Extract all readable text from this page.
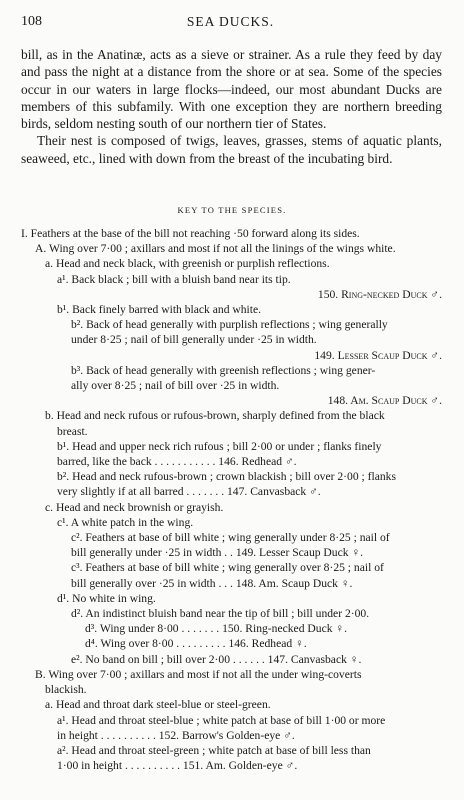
108	SEA DUCKS.

bill, as in the Anatinæ, acts as a sieve or strainer. As a rule they feed by day and pass the night at a distance from the shore or at sea. Some of the species occur in our waters in large flocks—indeed, our most abundant Ducks are members of this subfamily. With one exception they are northern breeding birds, seldom nesting south of our northern tier of States.

Their nest is composed of twigs, leaves, grasses, stems of aquatic plants, seaweed, etc., lined with down from the breast of the incubating bird.

KEY TO THE SPECIES.
I. Feathers at the base of the bill not reaching ·50 forward along its sides.
A. Wing over 7·00 ; axillars and most if not all the linings of the wings white.
a. Head and neck black, with greenish or purplish reflections.
a¹. Back black ; bill with a bluish band near its tip.
150. Ring-necked Duck ♂.
b¹. Back finely barred with black and white.
b². Back of head generally with purplish reflections ; wing generally
under 8·25 ; nail of bill generally under ·25 in width.
149. Lesser Scaup Duck ♂.
b³. Back of head generally with greenish reflections ; wing gener-
ally over 8·25 ; nail of bill over ·25 in width.
148. Am. Scaup Duck ♂.
b. Head and neck rufous or rufous-brown, sharply defined from the black
breast.
b¹. Head and upper neck rich rufous ; bill 2·00 or under ; flanks finely
barred, like the back . . . . . . . . . . . 146. Redhead ♂.
b². Head and neck rufous-brown ; crown blackish ; bill over 2·00 ; flanks
very slightly if at all barred . . . . . . . 147. Canvasback ♂.
c. Head and neck brownish or grayish.
c¹. A white patch in the wing.
c². Feathers at base of bill white ; wing generally under 8·25 ; nail of
bill generally under ·25 in width . . 149. Lesser Scaup Duck ♀.
c³. Feathers at base of bill white ; wing generally over 8·25 ; nail of
bill generally over ·25 in width . . . 148. Am. Scaup Duck ♀.
d¹. No white in wing.
d². An indistinct bluish band near the tip of bill ; bill under 2·00.
d³. Wing under 8·00 . . . . . . . 150. Ring-necked Duck ♀.
d⁴. Wing over 8·00 . . . . . . . . . 146. Redhead ♀.
e². No band on bill ; bill over 2·00 . . . . . . 147. Canvasback ♀.
B. Wing over 7·00 ; axillars and most if not all the under wing-coverts
blackish.
a. Head and throat dark steel-blue or steel-green.
a¹. Head and throat steel-blue ; white patch at base of bill 1·00 or more
in height . . . . . . . . . . 152. Barrow's Golden-eye ♂.
a². Head and throat steel-green ; white patch at base of bill less than
1·00 in height . . . . . . . . . . 151. Am. Golden-eye ♂.
